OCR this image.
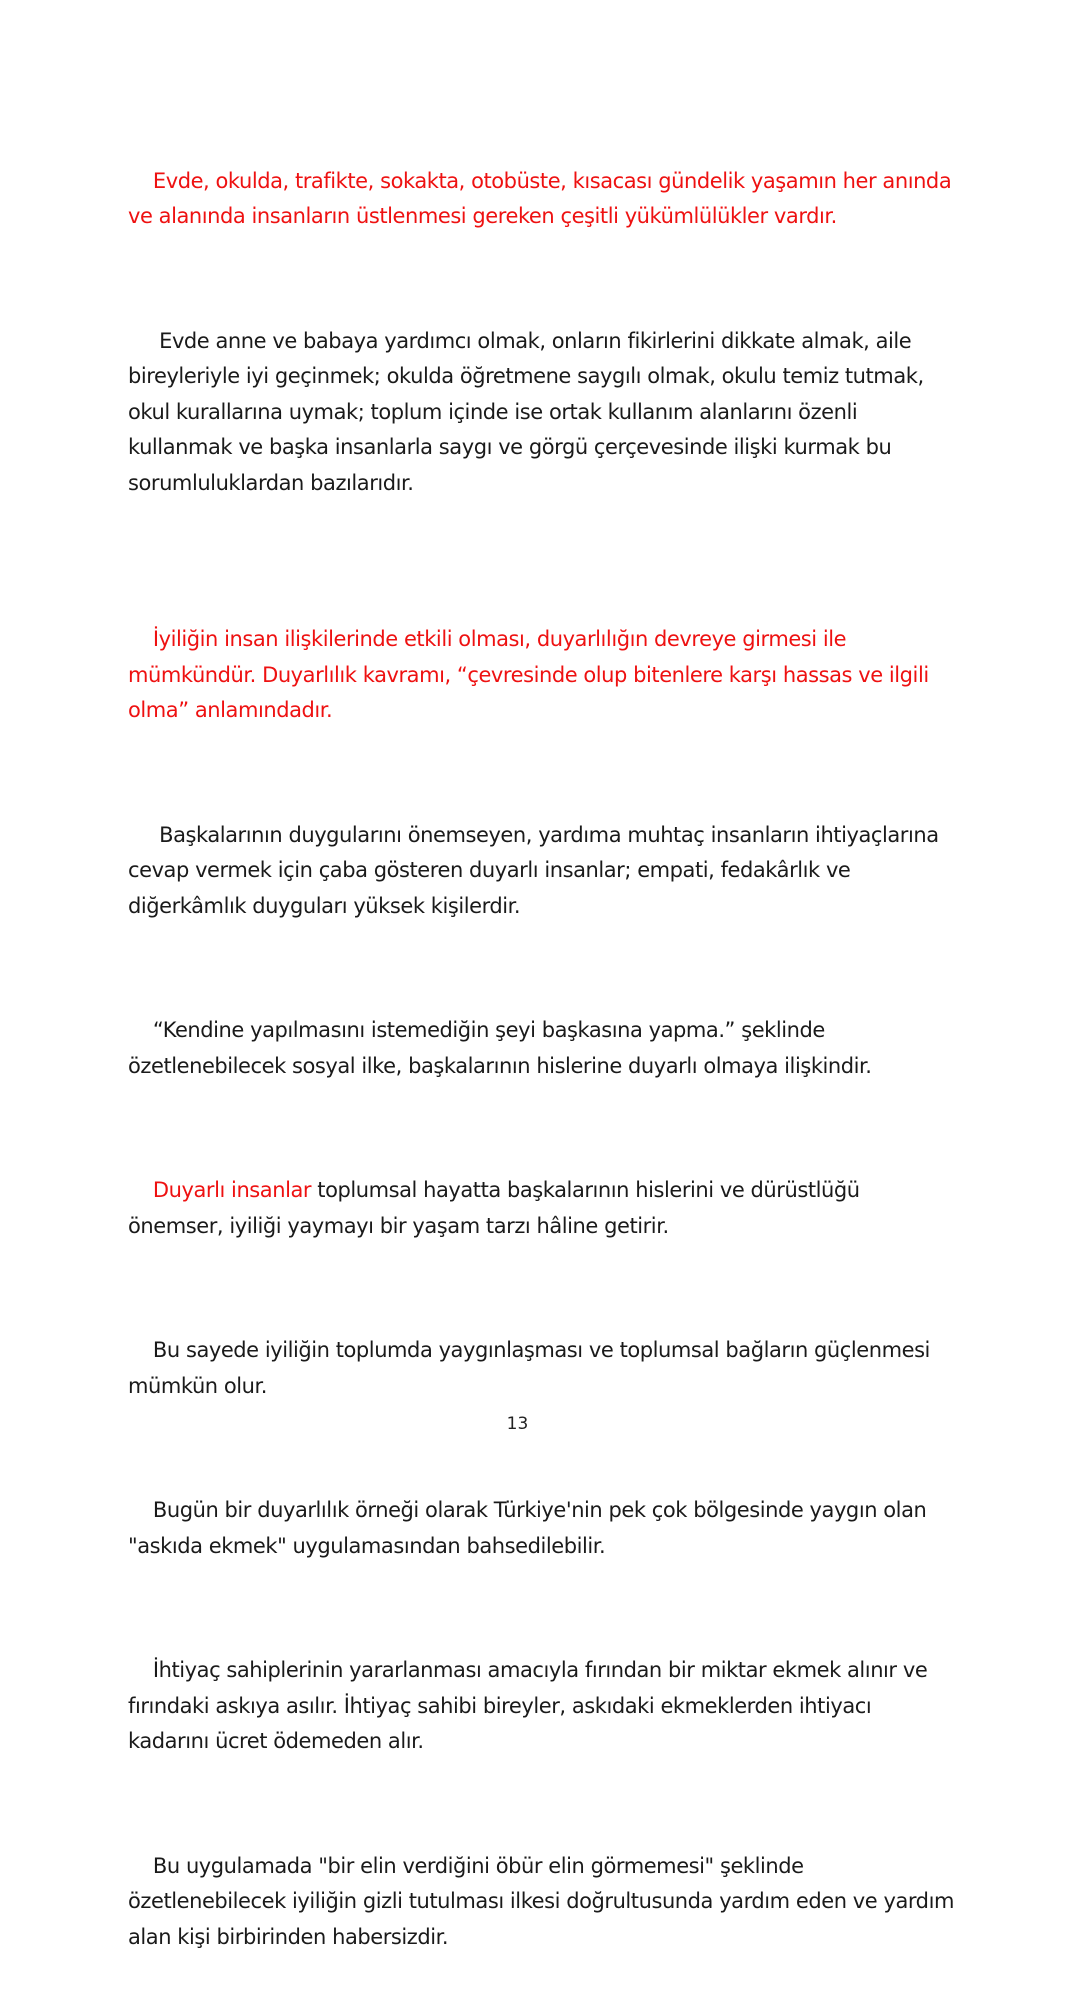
Evde, okulda, trafikte, sokakta, otobüste, kısacası gündelik yaşamın her anında ve alanında insanların üstlenmesi gereken çeşitli yükümlülükler vardır.

Evde anne ve babaya yardımcı olmak, onların fikirlerini dikkate almak, aile bireyleriyle iyi geçinmek; okulda öğretmene saygılı olmak, okulu temiz tutmak, okul kurallarına uymak; toplum içinde ise ortak kullanım alanlarını özenli kullanmak ve başka insanlarla saygı ve görgü çerçevesinde ilişki kurmak bu sorumluluklardan bazılarıdır.

İyiliğin insan ilişkilerinde etkili olması, duyarlılığın devreye girmesi ile mümkündür. Duyarlılık kavramı, “çevresinde olup bitenlere karşı hassas ve ilgili olma” anlamındadır.

Başkalarının duygularını önemseyen, yardıma muhtaç insanların ihtiyaçlarına cevap vermek için çaba gösteren duyarlı insanlar; empati, fedakârlık ve diğerkâmlık duyguları yüksek kişilerdir.

“Kendine yapılmasını istemediğin şeyi başkasına yapma.” şeklinde özetlenebilecek sosyal ilke, başkalarının hislerine duyarlı olmaya ilişkindir.

Duyarlı insanlar toplumsal hayatta başkalarının hislerini ve dürüstlüğü önemser, iyiliği yaymayı bir yaşam tarzı hâline getirir.

Bu sayede iyiliğin toplumda yaygınlaşması ve toplumsal bağların güçlenmesi mümkün olur.

Bugün bir duyarlılık örneği olarak Türkiye'nin pek çok bölgesinde yaygın olan "askıda ekmek" uygulamasından bahsedilebilir.

İhtiyaç sahiplerinin yararlanması amacıyla fırından bir miktar ekmek alınır ve fırındaki askıya asılır. İhtiyaç sahibi bireyler, askıdaki ekmeklerden ihtiyacı kadarını ücret ödemeden alır.

Bu uygulamada "bir elin verdiğini öbür elin görmemesi" şeklinde özetlenebilecek iyiliğin gizli tutulması ilkesi doğrultusunda yardım eden ve yardım alan kişi birbirinden habersizdir.

13
